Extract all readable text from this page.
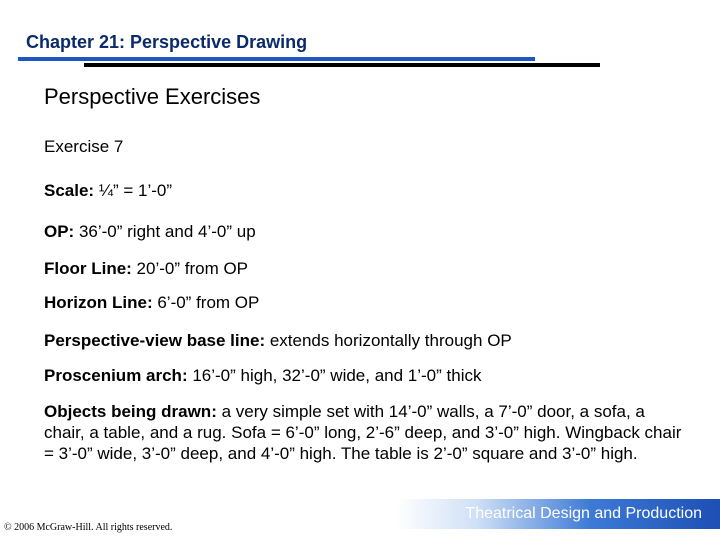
Chapter 21: Perspective Drawing
Perspective Exercises

Exercise 7

Scale: ¼” = 1’-0”

OP: 36’-0” right and 4’-0” up

Floor Line: 20’-0” from OP

Horizon Line: 6’-0” from OP

Perspective-view base line: extends horizontally through OP

Proscenium arch: 16’-0” high, 32’-0” wide, and 1’-0” thick

Objects being drawn: a very simple set with 14’-0” walls, a 7’-0” door, a sofa, a chair, a table, and a rug. Sofa = 6’-0” long, 2’-6” deep, and 3’-0” high. Wingback chair = 3’-0” wide, 3’-0” deep, and 4’-0” high. The table is 2’-0” square and 3’-0” high.

Theatrical Design and Production
© 2006 McGraw-Hill. All rights reserved.
